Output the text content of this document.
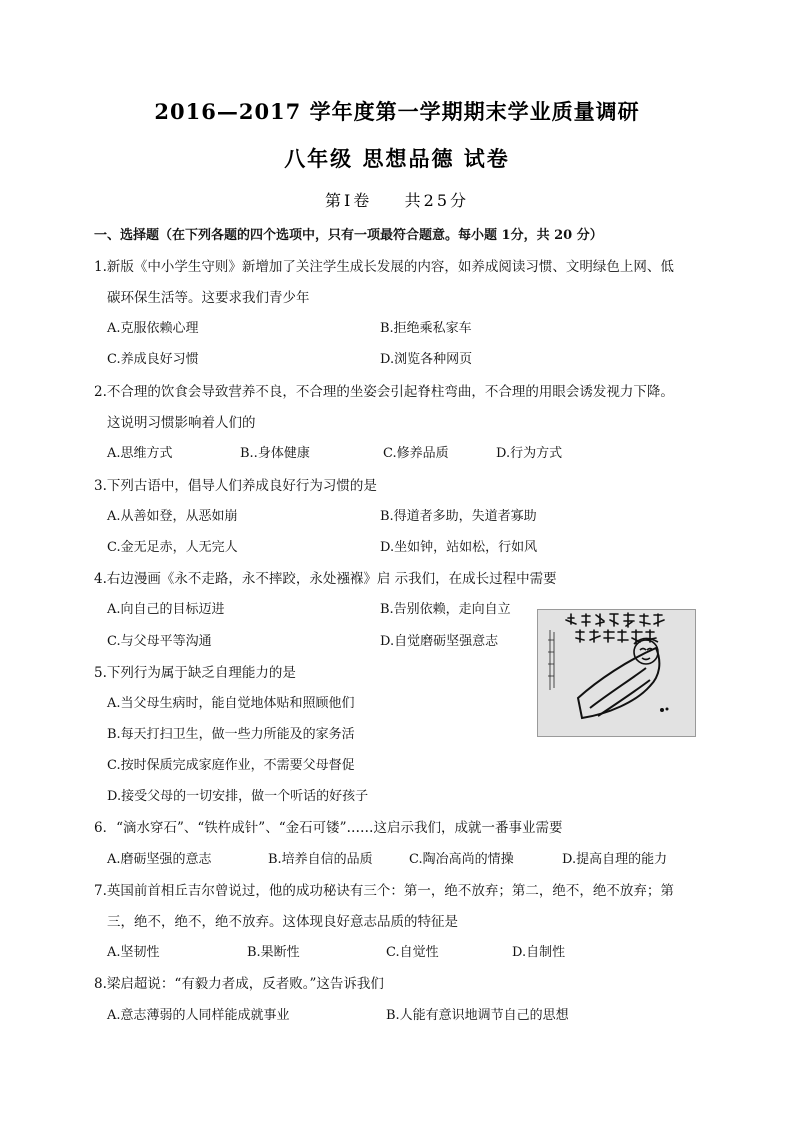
2016—2017 学年度第一学期期末学业质量调研
八年级 思想品德 试卷
第Ⅰ卷    共25分
一、选择题（在下列各题的四个选项中，只有一项最符合题意。每小题 1分，共 20 分）
1.新版《中小学生守则》新增加了关注学生成长发展的内容，如养成阅读习惯、文明绿色上网、低
碳环保生活等。这要求我们青少年
A.克服依赖心理	B.拒绝乘私家车
C.养成良好习惯	D.浏览各种网页
2.不合理的饮食会导致营养不良，不合理的坐姿会引起脊柱弯曲，不合理的用眼会诱发视力下降。
这说明习惯影响着人们的
A.思维方式	B..身体健康	C.修养品质	D.行为方式
3.下列古语中，倡导人们养成良好行为习惯的是
A.从善如登，从恶如崩	B.得道者多助，失道者寡助
C.金无足赤，人无完人	D.坐如钟，站如松，行如风
4.右边漫画《永不走路，永不摔跤，永处襁褓》启 示我们，在成长过程中需要
A.向自己的目标迈进	B.告别依赖，走向自立
C.与父母平等沟通	D.自觉磨砺坚强意志
5.下列行为属于缺乏自理能力的是
A.当父母生病时，能自觉地体贴和照顾他们
B.每天打扫卫生，做一些力所能及的家务活
C.按时保质完成家庭作业，不需要父母督促
D.接受父母的一切安排，做一个听话的好孩子
6．“滴水穿石”、“铁杵成针”、“金石可镂”……这启示我们，成就一番事业需要
A.磨砺坚强的意志	B.培养自信的品质	C.陶冶高尚的情操	D.提高自理的能力
7.英国前首相丘吉尔曾说过，他的成功秘诀有三个：第一，绝不放弃；第二，绝不，绝不放弃；第
三，绝不，绝不，绝不放弃。这体现良好意志品质的特征是
A.坚韧性	B.果断性	C.自觉性	D.自制性
8.梁启超说：“有毅力者成，反者败。”这告诉我们
A.意志薄弱的人同样能成就事业	B.人能有意识地调节自己的思想
